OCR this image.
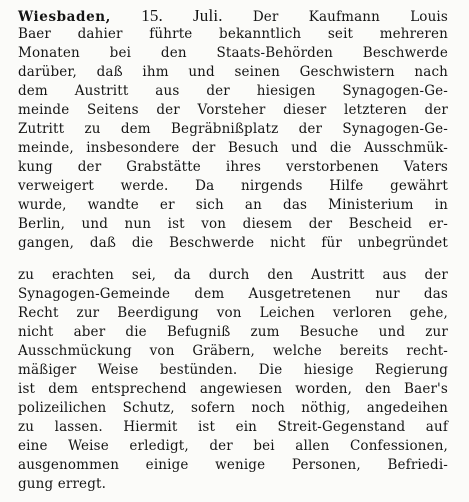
Wiesbaden, 15. Juli. Der Kaufmann Louis
Baer dahier führte bekanntlich seit mehreren
Monaten bei den Staats-Behörden Beschwerde
darüber, daß ihm und seinen Geschwistern nach
dem Austritt aus der hiesigen Synagogen-Ge-
meinde Seitens der Vorsteher dieser letzteren der
Zutritt zu dem Begräbnißplatz der Synagogen-Ge-
meinde, insbesondere der Besuch und die Ausschmük-
kung der Grabstätte ihres verstorbenen Vaters
verweigert werde. Da nirgends Hilfe gewährt
wurde, wandte er sich an das Ministerium in
Berlin, und nun ist von diesem der Bescheid er-
gangen, daß die Beschwerde nicht für unbegründet
zu erachten sei, da durch den Austritt aus der
Synagogen-Gemeinde dem Ausgetretenen nur das
Recht zur Beerdigung von Leichen verloren gehe,
nicht aber die Befugniß zum Besuche und zur
Ausschmückung von Gräbern, welche bereits recht-
mäßiger Weise bestünden. Die hiesige Regierung
ist dem entsprechend angewiesen worden, den Baer's
polizeilichen Schutz, sofern noch nöthig, angedeihen
zu lassen. Hiermit ist ein Streit-Gegenstand auf
eine Weise erledigt, der bei allen Confessionen,
ausgenommen einige wenige Personen, Befriedi-
gung erregt.
